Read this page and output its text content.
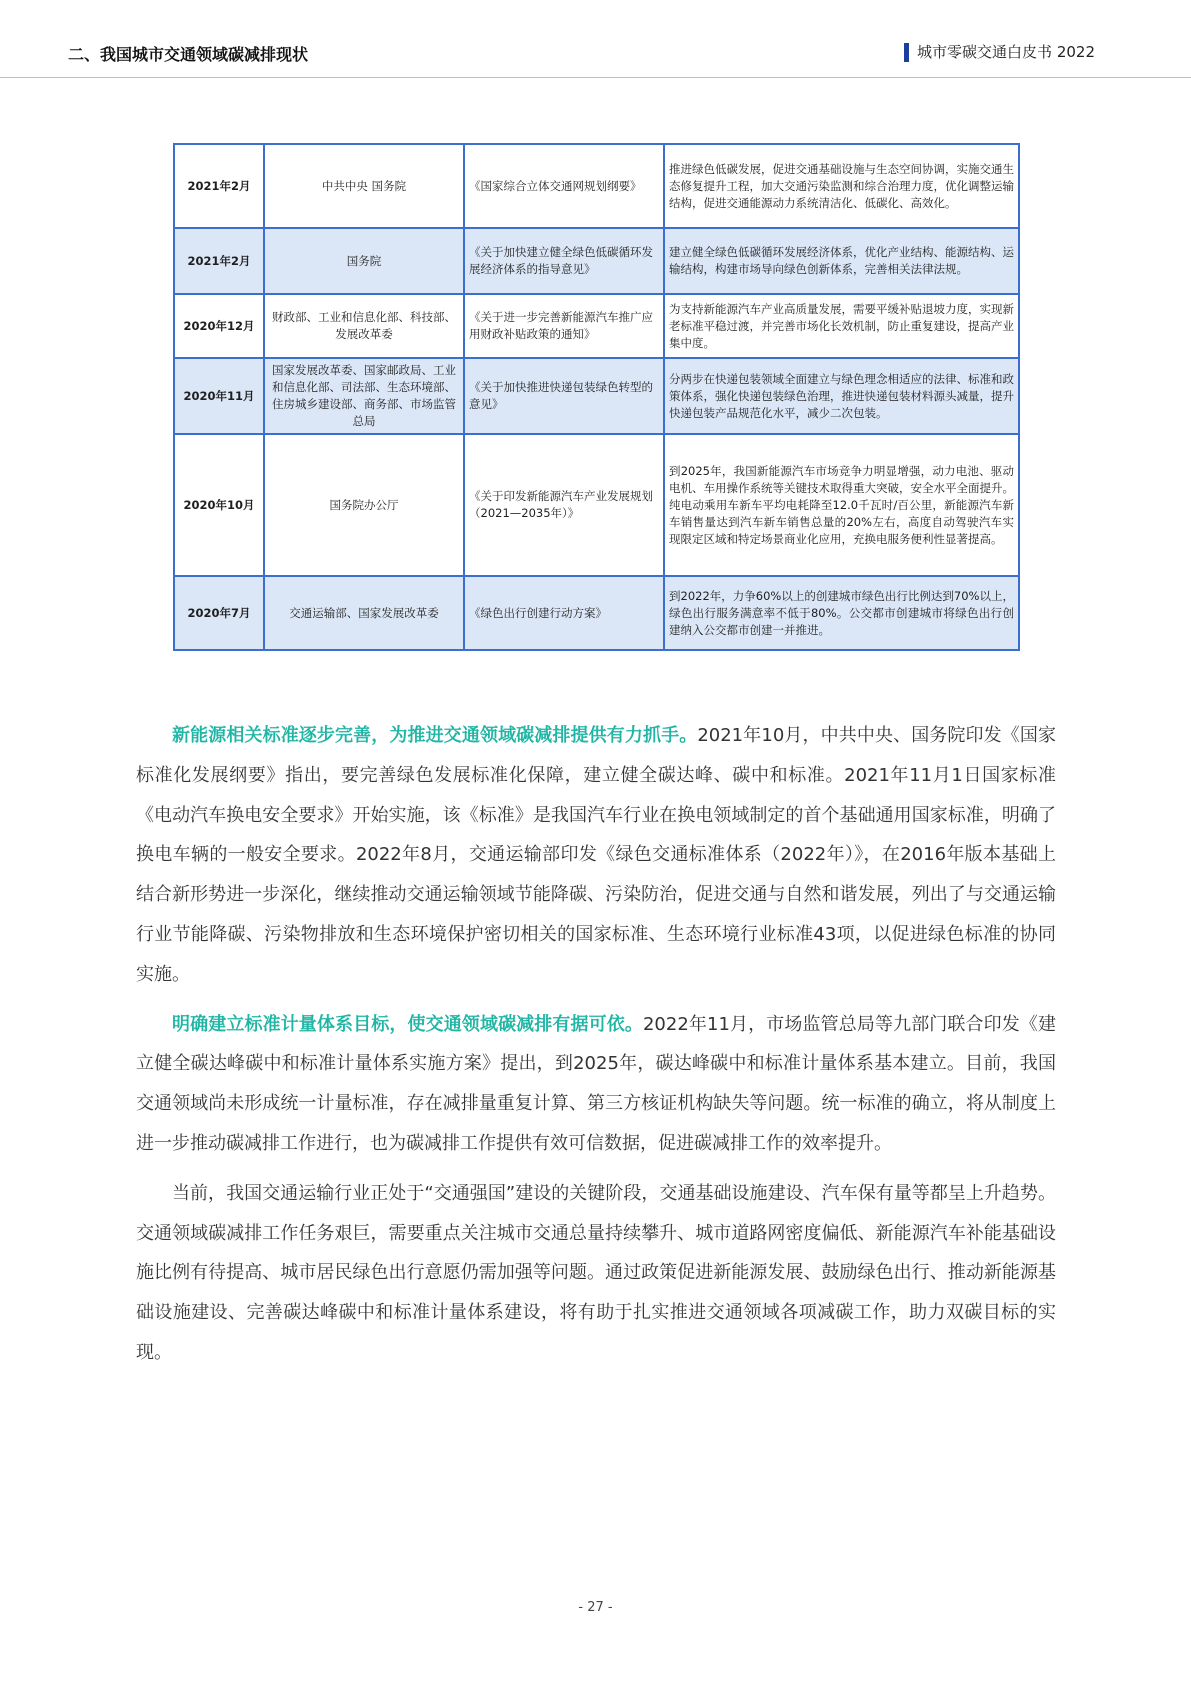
二、我国城市交通领域碳减排现状	城市零碳交通白皮书 2022
2021年2月	中共中央 国务院	《国家综合立体交通网规划纲要》	推进绿色低碳发展，促进交通基础设施与生态空间协调，实施交通生态修复提升工程，加大交通污染监测和综合治理力度，优化调整运输结构，促进交通能源动力系统清洁化、低碳化、高效化。
2021年2月	国务院	《关于加快建立健全绿色低碳循环发展经济体系的指导意见》	建立健全绿色低碳循环发展经济体系，优化产业结构、能源结构、运输结构，构建市场导向绿色创新体系，完善相关法律法规。
2020年12月	财政部、工业和信息化部、科技部、发展改革委	《关于进一步完善新能源汽车推广应用财政补贴政策的通知》	为支持新能源汽车产业高质量发展，需要平缓补贴退坡力度，实现新老标准平稳过渡，并完善市场化长效机制，防止重复建设，提高产业集中度。
2020年11月	国家发展改革委、国家邮政局、工业和信息化部、司法部、生态环境部、住房城乡建设部、商务部、市场监管总局	《关于加快推进快递包装绿色转型的意见》	分两步在快递包装领域全面建立与绿色理念相适应的法律、标准和政策体系，强化快递包装绿色治理，推进快递包装材料源头减量，提升快递包装产品规范化水平，减少二次包装。
2020年10月	国务院办公厅	《关于印发新能源汽车产业发展规划（2021—2035年）》	到2025年，我国新能源汽车市场竞争力明显增强，动力电池、驱动电机、车用操作系统等关键技术取得重大突破，安全水平全面提升。纯电动乘用车新车平均电耗降至12.0千瓦时/百公里，新能源汽车新车销售量达到汽车新车销售总量的20%左右，高度自动驾驶汽车实现限定区域和特定场景商业化应用，充换电服务便利性显著提高。
2020年7月	交通运输部、国家发展改革委	《绿色出行创建行动方案》	到2022年，力争60%以上的创建城市绿色出行比例达到70%以上，绿色出行服务满意率不低于80%。公交都市创建城市将绿色出行创建纳入公交都市创建一并推进。

新能源相关标准逐步完善，为推进交通领域碳减排提供有力抓手。2021年10月，中共中央、国务院印发《国家标准化发展纲要》指出，要完善绿色发展标准化保障，建立健全碳达峰、碳中和标准。2021年11月1日国家标准《电动汽车换电安全要求》开始实施，该《标准》是我国汽车行业在换电领域制定的首个基础通用国家标准，明确了换电车辆的一般安全要求。2022年8月，交通运输部印发《绿色交通标准体系（2022年）》，在2016年版本基础上结合新形势进一步深化，继续推动交通运输领域节能降碳、污染防治，促进交通与自然和谐发展，列出了与交通运输行业节能降碳、污染物排放和生态环境保护密切相关的国家标准、生态环境行业标准43项，以促进绿色标准的协同实施。

明确建立标准计量体系目标，使交通领域碳减排有据可依。2022年11月，市场监管总局等九部门联合印发《建立健全碳达峰碳中和标准计量体系实施方案》提出，到2025年，碳达峰碳中和标准计量体系基本建立。目前，我国交通领域尚未形成统一计量标准，存在减排量重复计算、第三方核证机构缺失等问题。统一标准的确立，将从制度上进一步推动碳减排工作进行，也为碳减排工作提供有效可信数据，促进碳减排工作的效率提升。

当前，我国交通运输行业正处于“交通强国”建设的关键阶段，交通基础设施建设、汽车保有量等都呈上升趋势。交通领域碳减排工作任务艰巨，需要重点关注城市交通总量持续攀升、城市道路网密度偏低、新能源汽车补能基础设施比例有待提高、城市居民绿色出行意愿仍需加强等问题。通过政策促进新能源发展、鼓励绿色出行、推动新能源基础设施建设、完善碳达峰碳中和标准计量体系建设，将有助于扎实推进交通领域各项减碳工作，助力双碳目标的实现。

- 27 -
